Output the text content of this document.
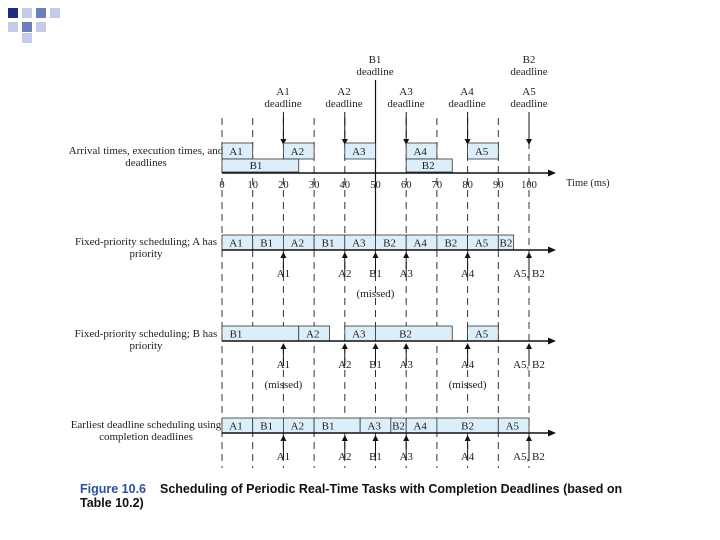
A1	A2	A3	A4	A5
B1	B2
0 10 20 30 40 50 60 70 80 90 100
A1 B1 A2 B1 A3 B2 A4 B2 A5 B2
A1	A2 B1
(missed)
A3	A4	A5, B2
B1	A2	A3	B2	A5
A1
(missed)
A2 B1 A3	A4
(missed)
A5, B2
A1 B1 A2 B1	A3 B2 A4	B2	A5
A1	A2 B1 A3	A4	A5, B2
B1
deadline
B2
deadline
A1
deadline
A2
deadline
A3
deadline
A4
deadline
A5
deadline
Arrival times, execution times, and deadlines
Fixed-priority scheduling; A has priority
Fixed-priority scheduling; B has priority
Earliest deadline scheduling using completion deadlines
Time (ms)
Figure 10.6 Scheduling of Periodic Real-Time Tasks with Completion Deadlines (based on Table 10.2)
